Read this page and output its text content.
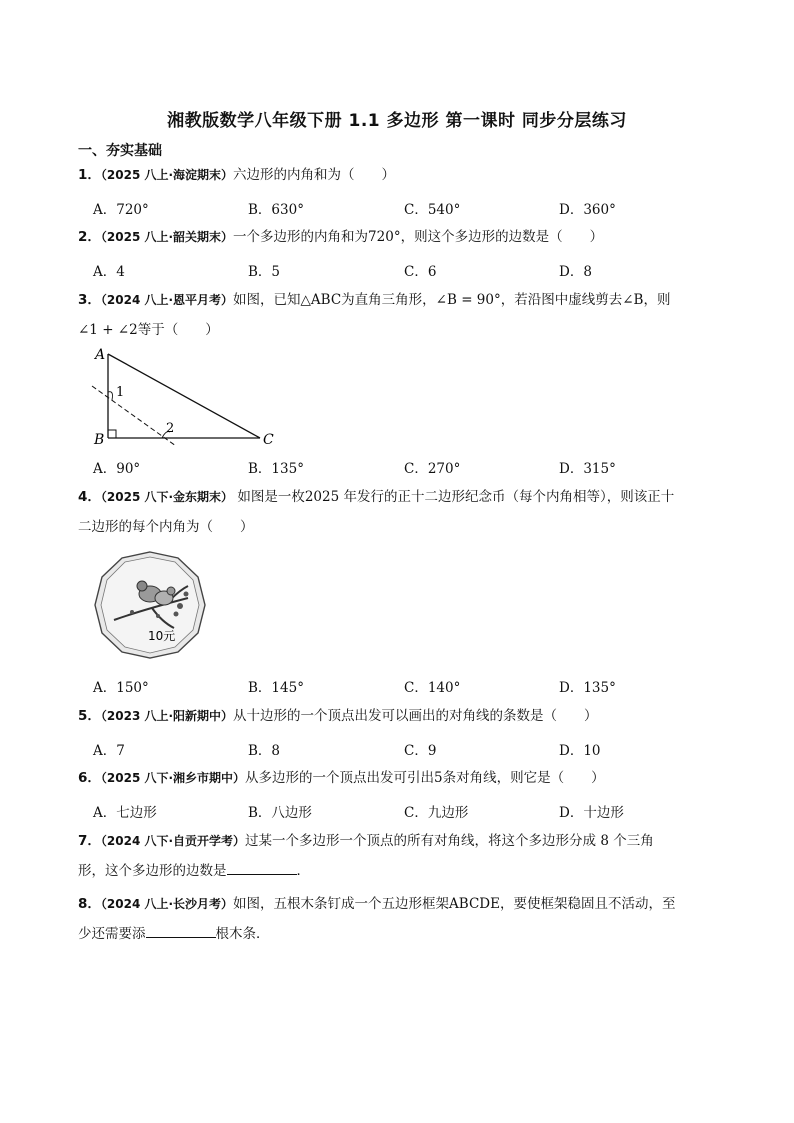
湘教版数学八年级下册 1.1 多边形 第一课时 同步分层练习
一、夯实基础
1．（2025 八上·海淀期末）六边形的内角和为（　　）
A．720°	B．630°	C．540°	D．360°
2．（2025 八上·韶关期末）一个多边形的内角和为720°，则这个多边形的边数是（　　）
A．4	B．5	C．6	D．8
3．（2024 八上·恩平月考）如图，已知△ABC为直角三角形，∠B = 90°，若沿图中虚线剪去∠B，则
∠1 + ∠2等于（　　）
A
B	C
1
2
A．90°	B．135°	C．270°	D．315°
4．（2025 八下·金东期末） 如图是一枚2025 年发行的正十二边形纪念币（每个内角相等），则该正十
二边形的每个内角为（　　）
10元
A．150°	B．145°	C．140°	D．135°
5．（2023 八上·阳新期中）从十边形的一个顶点出发可以画出的对角线的条数是（　　）
A．7	B．8	C．9	D．10
6．（2025 八下·湘乡市期中）从多边形的一个顶点出发可引出5条对角线，则它是（　　）
A．七边形	B．八边形	C．九边形	D．十边形
7．（2024 八下·自贡开学考）过某一个多边形一个顶点的所有对角线，将这个多边形分成 8 个三角
形，这个多边形的边数是	．
8．（2024 八上·长沙月考）如图，五根木条钉成一个五边形框架ABCDE，要使框架稳固且不活动，至
少还需要添	根木条．
